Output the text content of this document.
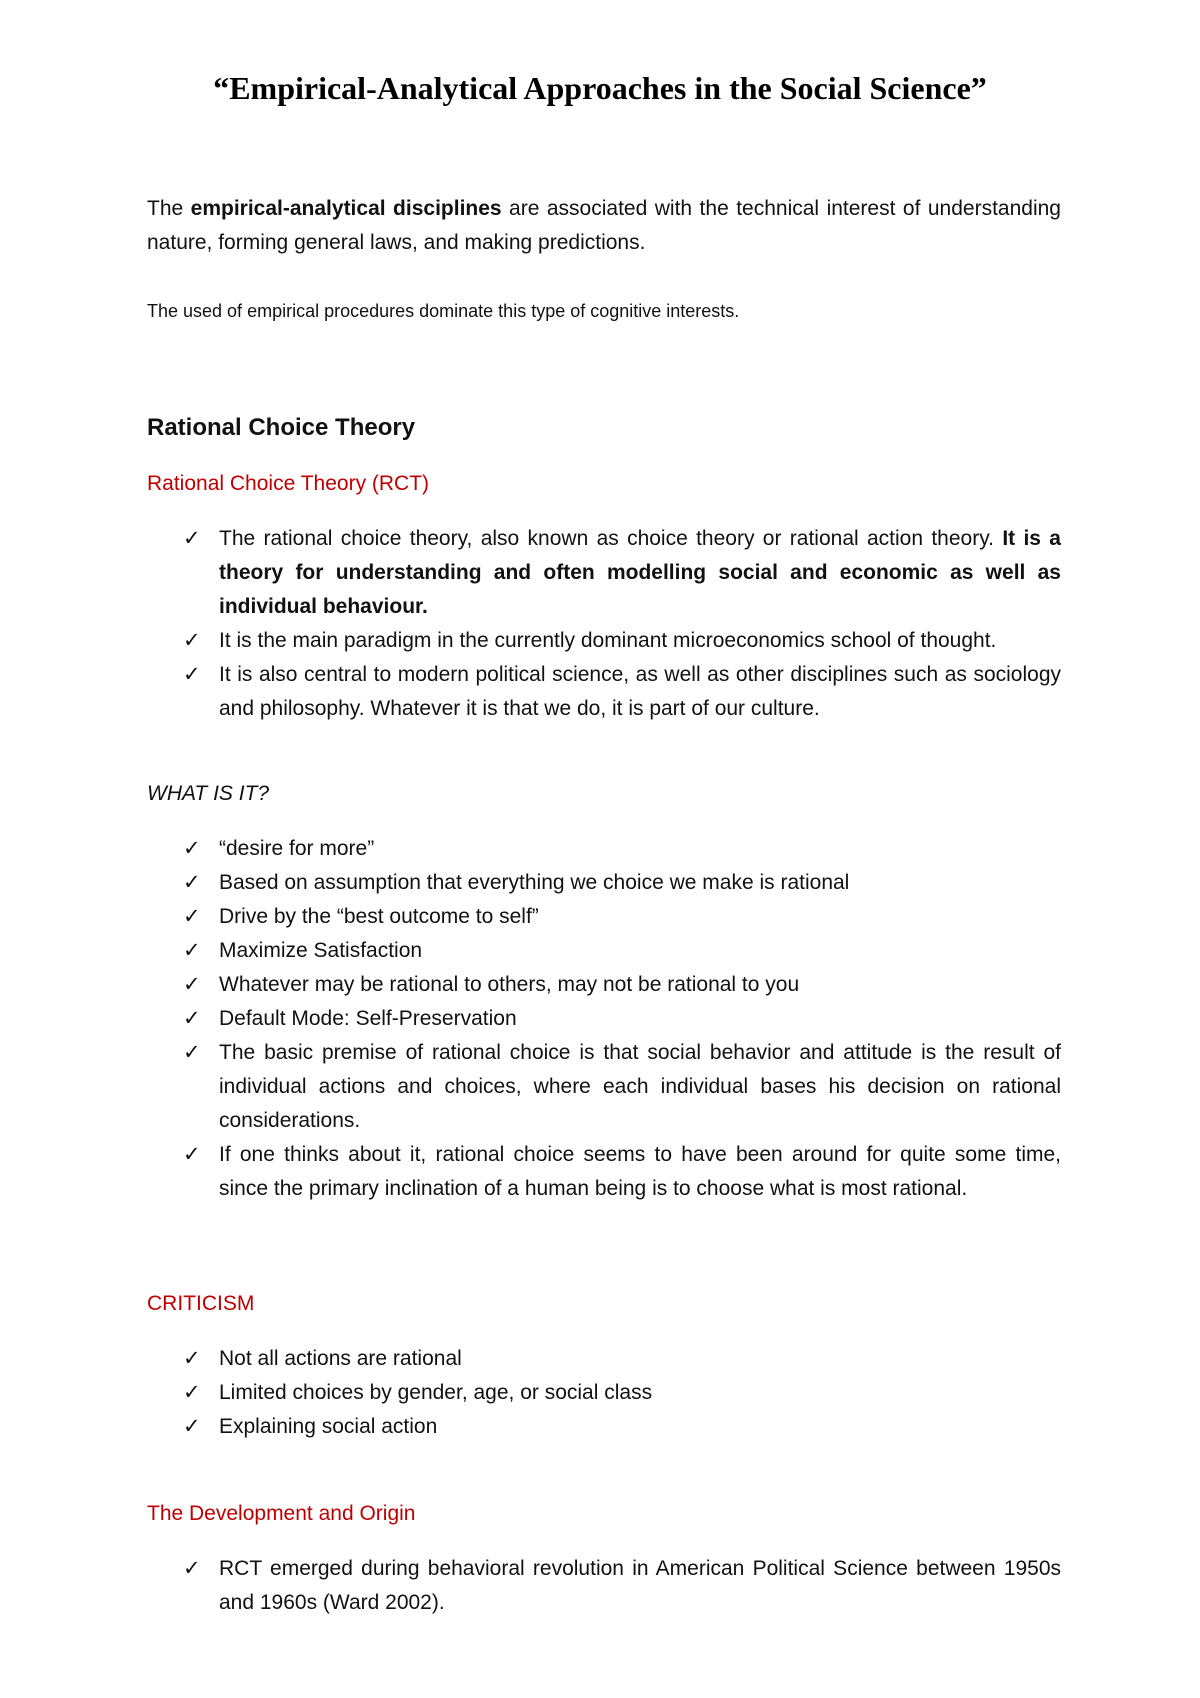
“Empirical-Analytical Approaches in the Social Science”
The empirical-analytical disciplines are associated with the technical interest of understanding nature, forming general laws, and making predictions.
The used of empirical procedures dominate this type of cognitive interests.
Rational Choice Theory
Rational Choice Theory (RCT)
✓ The rational choice theory, also known as choice theory or rational action theory. It is a theory for understanding and often modelling social and economic as well as individual behaviour.
✓ It is the main paradigm in the currently dominant microeconomics school of thought.
✓ It is also central to modern political science, as well as other disciplines such as sociology and philosophy. Whatever it is that we do, it is part of our culture.
WHAT IS IT?
✓ “desire for more”
✓ Based on assumption that everything we choice we make is rational
✓ Drive by the “best outcome to self”
✓ Maximize Satisfaction
✓ Whatever may be rational to others, may not be rational to you
✓ Default Mode: Self-Preservation
✓ The basic premise of rational choice is that social behavior and attitude is the result of individual actions and choices, where each individual bases his decision on rational considerations.
✓ If one thinks about it, rational choice seems to have been around for quite some time, since the primary inclination of a human being is to choose what is most rational.
CRITICISM
✓ Not all actions are rational
✓ Limited choices by gender, age, or social class
✓ Explaining social action
The Development and Origin
✓ RCT emerged during behavioral revolution in American Political Science between 1950s and 1960s (Ward 2002).
